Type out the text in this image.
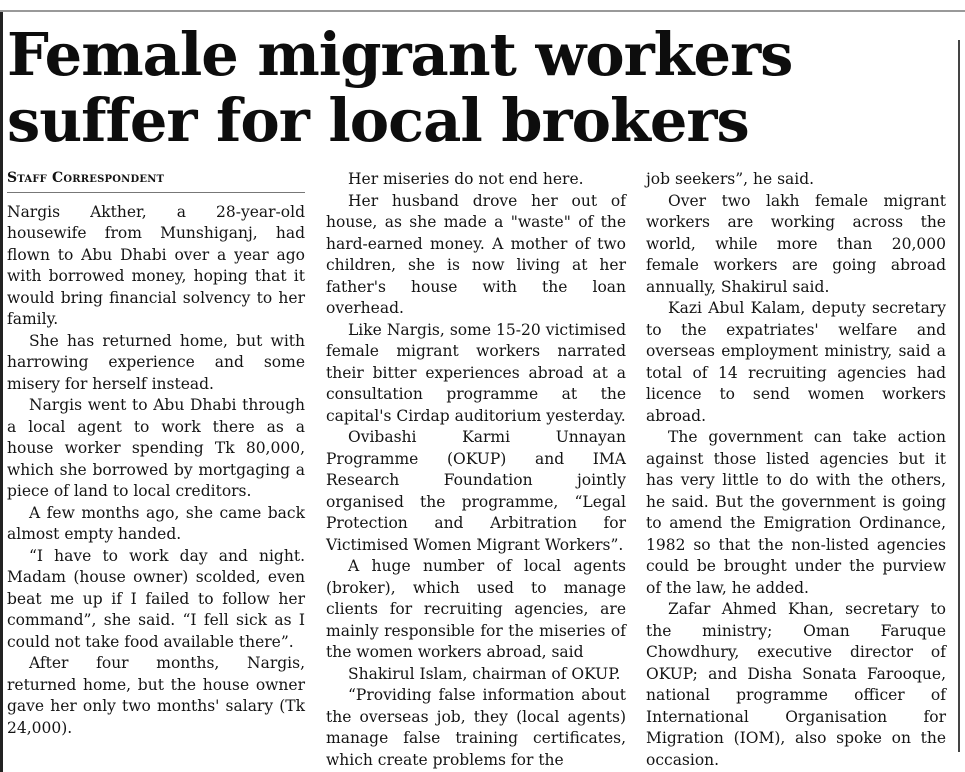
Female migrant workers suffer for local brokers
Staff Correspondent

Nargis Akther, a 28-year-old housewife from Munshiganj, had flown to Abu Dhabi over a year ago with borrowed money, hoping that it would bring financial solvency to her family.

She has returned home, but with harrowing experience and some misery for herself instead.

Nargis went to Abu Dhabi through a local agent to work there as a house worker spending Tk 80,000, which she borrowed by mortgaging a piece of land to local creditors.

A few months ago, she came back almost empty handed.

“I have to work day and night. Madam (house owner) scolded, even beat me up if I failed to follow her command”, she said. “I fell sick as I could not take food available there”.

After four months, Nargis, returned home, but the house owner gave her only two months' salary (Tk 24,000).

Her miseries do not end here.

Her husband drove her out of house, as she made a "waste" of the hard-earned money. A mother of two children, she is now living at her father's house with the loan overhead.

Like Nargis, some 15-20 victimised female migrant workers narrated their bitter experiences abroad at a consultation programme at the capital's Cirdap auditorium yesterday.

Ovibashi Karmi Unnayan Programme (OKUP) and IMA Research Foundation jointly organised the programme, “Legal Protection and Arbitration for Victimised Women Migrant Workers”.

A huge number of local agents (broker), which used to manage clients for recruiting agencies, are mainly responsible for the miseries of the women workers abroad, said

Shakirul Islam, chairman of OKUP.

“Providing false information about the overseas job, they (local agents) manage false training certificates, which create problems for the

job seekers”, he said.

Over two lakh female migrant workers are working across the world, while more than 20,000 female workers are going abroad annually, Shakirul said.

Kazi Abul Kalam, deputy secretary to the expatriates' welfare and overseas employment ministry, said a total of 14 recruiting agencies had licence to send women workers abroad.

The government can take action against those listed agencies but it has very little to do with the others, he said. But the government is going to amend the Emigration Ordinance, 1982 so that the non-listed agencies could be brought under the purview of the law, he added.

Zafar Ahmed Khan, secretary to the ministry; Oman Faruque Chowdhury, executive director of OKUP; and Disha Sonata Farooque, national programme officer of International Organisation for Migration (IOM), also spoke on the occasion.
